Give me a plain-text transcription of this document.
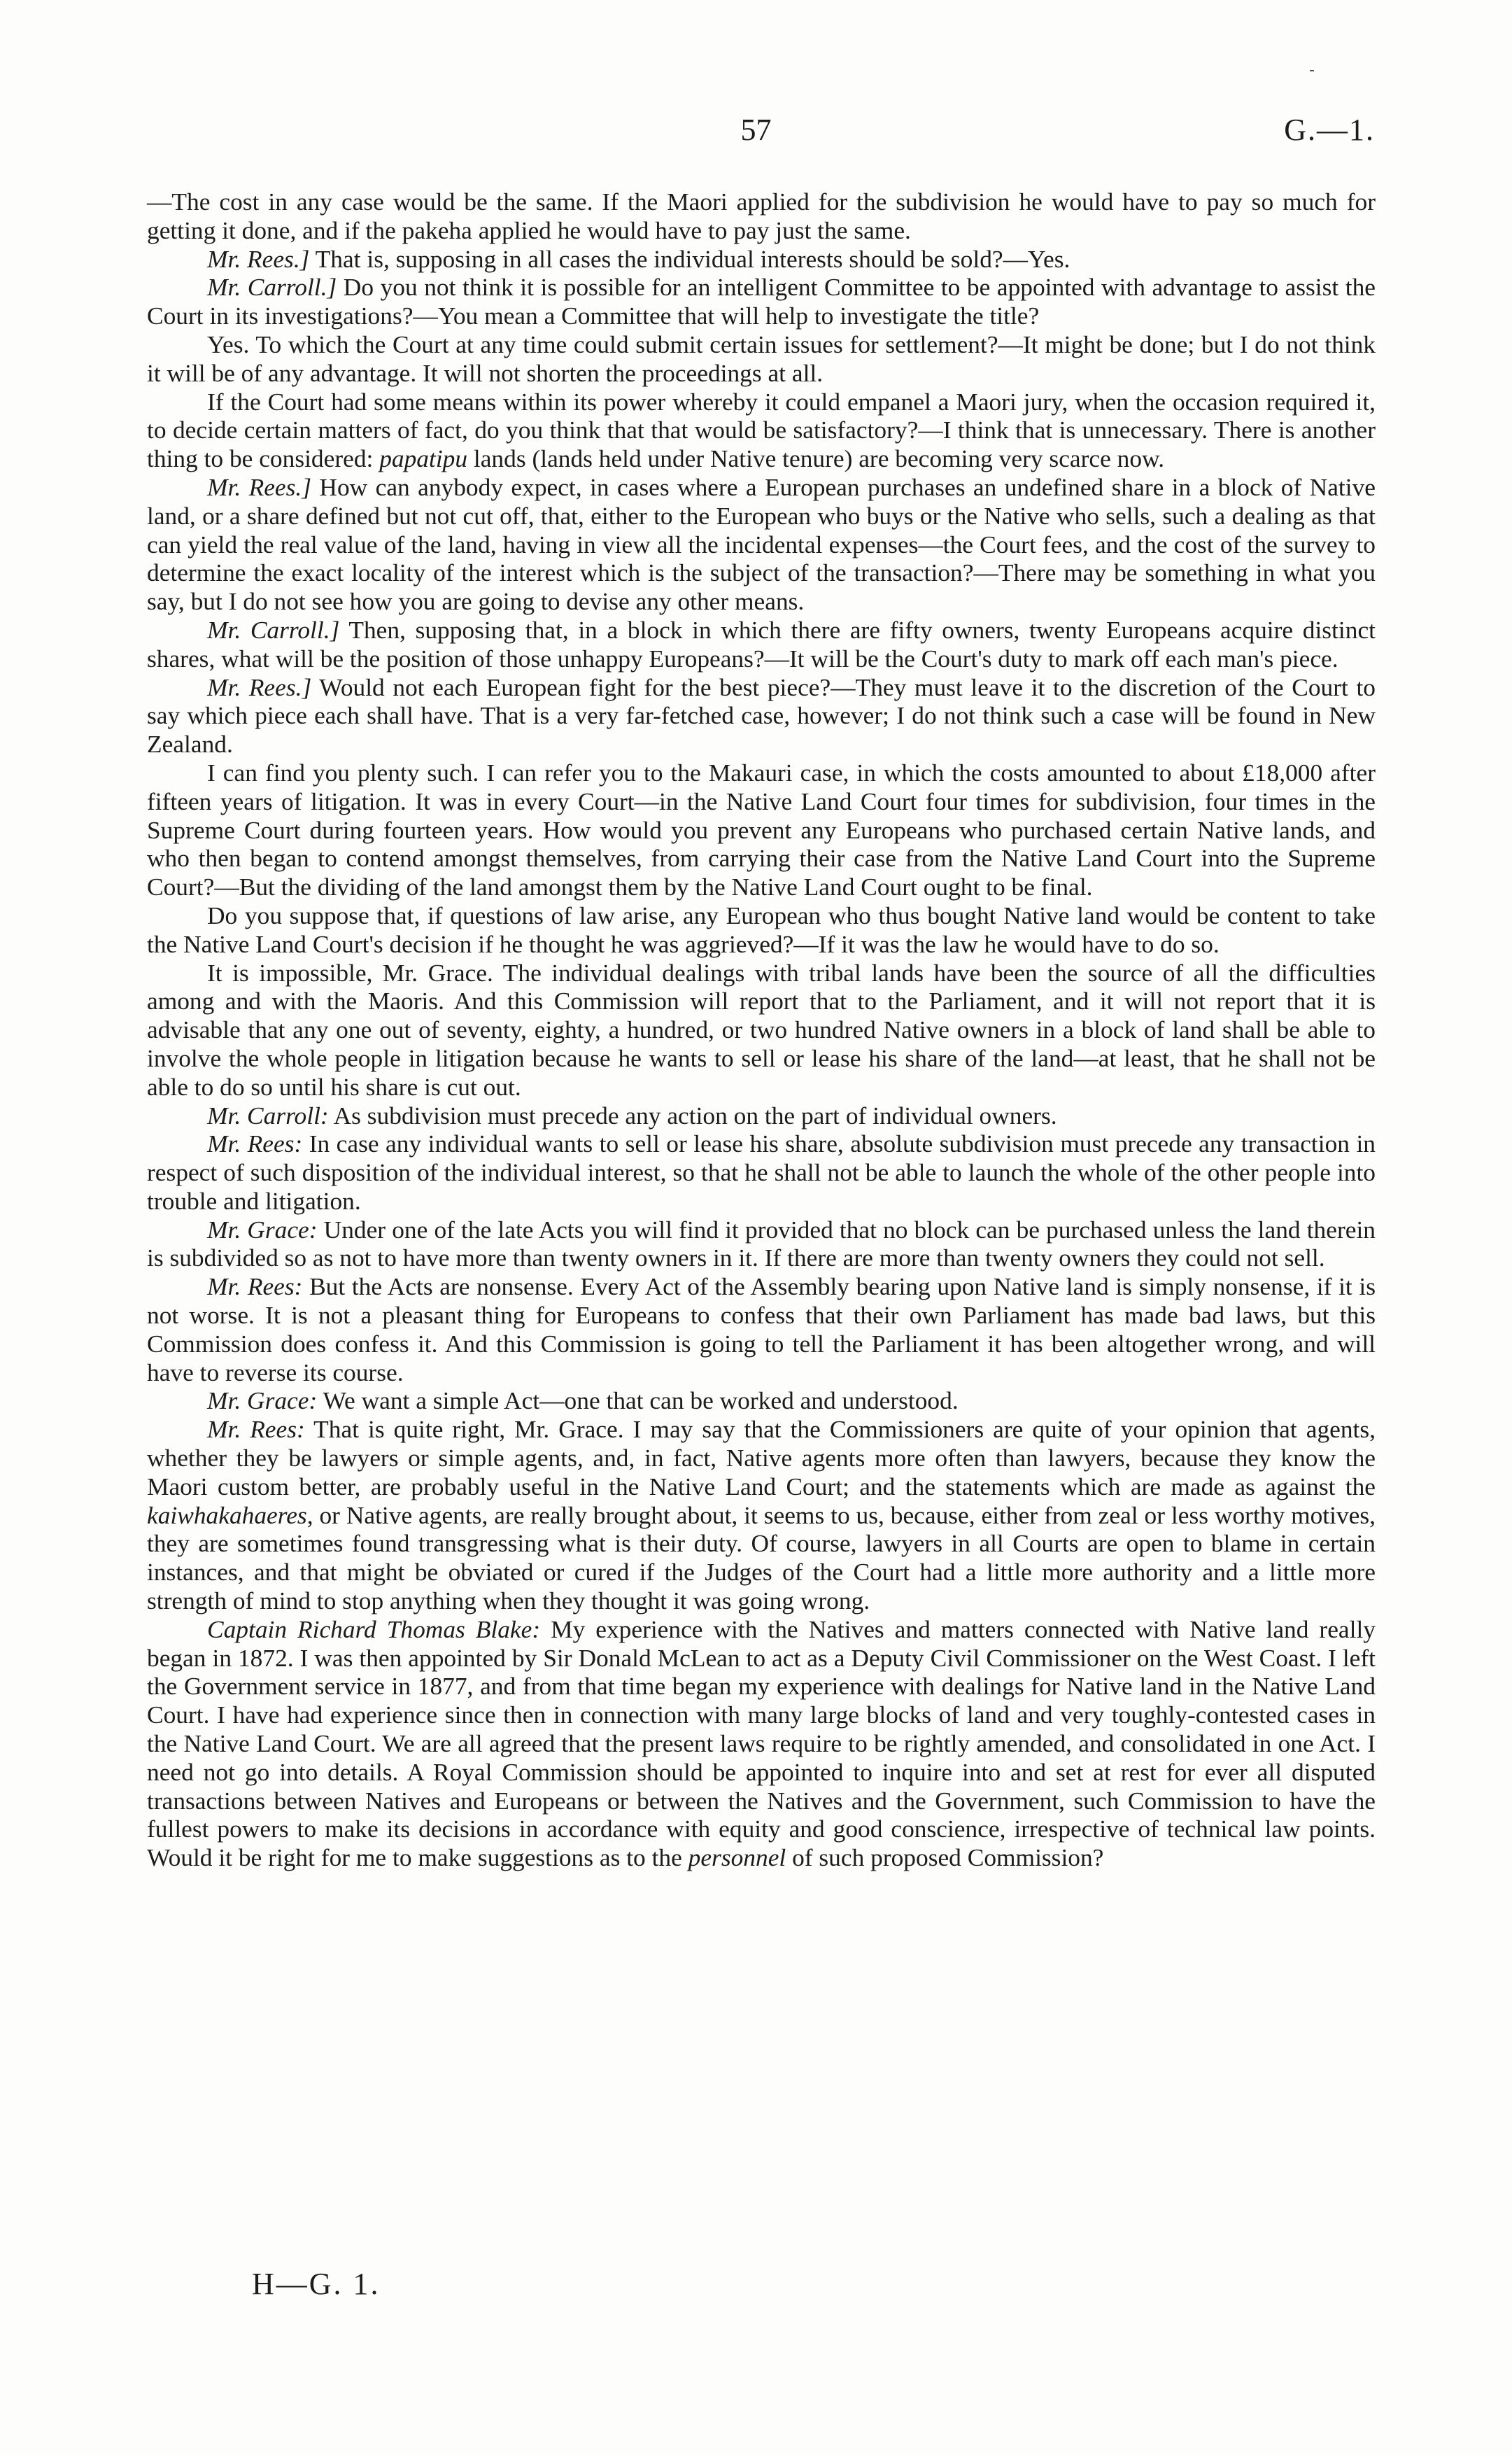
57	G.—1.

—The cost in any case would be the same. If the Maori applied for the subdivision he would have to pay so much for getting it done, and if the pakeha applied he would have to pay just the same.

Mr. Rees.] That is, supposing in all cases the individual interests should be sold?—Yes.

Mr. Carroll.] Do you not think it is possible for an intelligent Committee to be appointed with advantage to assist the Court in its investigations?—You mean a Committee that will help to investigate the title?

Yes. To which the Court at any time could submit certain issues for settlement?—It might be done; but I do not think it will be of any advantage. It will not shorten the proceedings at all.

If the Court had some means within its power whereby it could empanel a Maori jury, when the occasion required it, to decide certain matters of fact, do you think that that would be satisfactory?—I think that is unnecessary. There is another thing to be considered: papatipu lands (lands held under Native tenure) are becoming very scarce now.

Mr. Rees.] How can anybody expect, in cases where a European purchases an undefined share in a block of Native land, or a share defined but not cut off, that, either to the European who buys or the Native who sells, such a dealing as that can yield the real value of the land, having in view all the incidental expenses—the Court fees, and the cost of the survey to determine the exact locality of the interest which is the subject of the transaction?—There may be something in what you say, but I do not see how you are going to devise any other means.

Mr. Carroll.] Then, supposing that, in a block in which there are fifty owners, twenty Europeans acquire distinct shares, what will be the position of those unhappy Europeans?—It will be the Court's duty to mark off each man's piece.

Mr. Rees.] Would not each European fight for the best piece?—They must leave it to the discretion of the Court to say which piece each shall have. That is a very far-fetched case, however; I do not think such a case will be found in New Zealand.

I can find you plenty such. I can refer you to the Makauri case, in which the costs amounted to about £18,000 after fifteen years of litigation. It was in every Court—in the Native Land Court four times for subdivision, four times in the Supreme Court during fourteen years. How would you prevent any Europeans who purchased certain Native lands, and who then began to contend amongst themselves, from carrying their case from the Native Land Court into the Supreme Court?—But the dividing of the land amongst them by the Native Land Court ought to be final.

Do you suppose that, if questions of law arise, any European who thus bought Native land would be content to take the Native Land Court's decision if he thought he was aggrieved?—If it was the law he would have to do so.

It is impossible, Mr. Grace. The individual dealings with tribal lands have been the source of all the difficulties among and with the Maoris. And this Commission will report that to the Parliament, and it will not report that it is advisable that any one out of seventy, eighty, a hundred, or two hundred Native owners in a block of land shall be able to involve the whole people in litigation because he wants to sell or lease his share of the land—at least, that he shall not be able to do so until his share is cut out.

Mr. Carroll: As subdivision must precede any action on the part of individual owners.

Mr. Rees: In case any individual wants to sell or lease his share, absolute subdivision must precede any transaction in respect of such disposition of the individual interest, so that he shall not be able to launch the whole of the other people into trouble and litigation.

Mr. Grace: Under one of the late Acts you will find it provided that no block can be purchased unless the land therein is subdivided so as not to have more than twenty owners in it. If there are more than twenty owners they could not sell.

Mr. Rees: But the Acts are nonsense. Every Act of the Assembly bearing upon Native land is simply nonsense, if it is not worse. It is not a pleasant thing for Europeans to confess that their own Parliament has made bad laws, but this Commission does confess it. And this Commission is going to tell the Parliament it has been altogether wrong, and will have to reverse its course.

Mr. Grace: We want a simple Act—one that can be worked and understood.

Mr. Rees: That is quite right, Mr. Grace. I may say that the Commissioners are quite of your opinion that agents, whether they be lawyers or simple agents, and, in fact, Native agents more often than lawyers, because they know the Maori custom better, are probably useful in the Native Land Court; and the statements which are made as against the kaiwhakahaeres, or Native agents, are really brought about, it seems to us, because, either from zeal or less worthy motives, they are sometimes found transgressing what is their duty. Of course, lawyers in all Courts are open to blame in certain instances, and that might be obviated or cured if the Judges of the Court had a little more authority and a little more strength of mind to stop anything when they thought it was going wrong.

Captain Richard Thomas Blake: My experience with the Natives and matters connected with Native land really began in 1872. I was then appointed by Sir Donald McLean to act as a Deputy Civil Commissioner on the West Coast. I left the Government service in 1877, and from that time began my experience with dealings for Native land in the Native Land Court. I have had experience since then in connection with many large blocks of land and very toughly-contested cases in the Native Land Court. We are all agreed that the present laws require to be rightly amended, and consolidated in one Act. I need not go into details. A Royal Commission should be appointed to inquire into and set at rest for ever all disputed transactions between Natives and Europeans or between the Natives and the Government, such Commission to have the fullest powers to make its decisions in accordance with equity and good conscience, irrespective of technical law points. Would it be right for me to make suggestions as to the personnel of such proposed Commission?

H—G. 1.
